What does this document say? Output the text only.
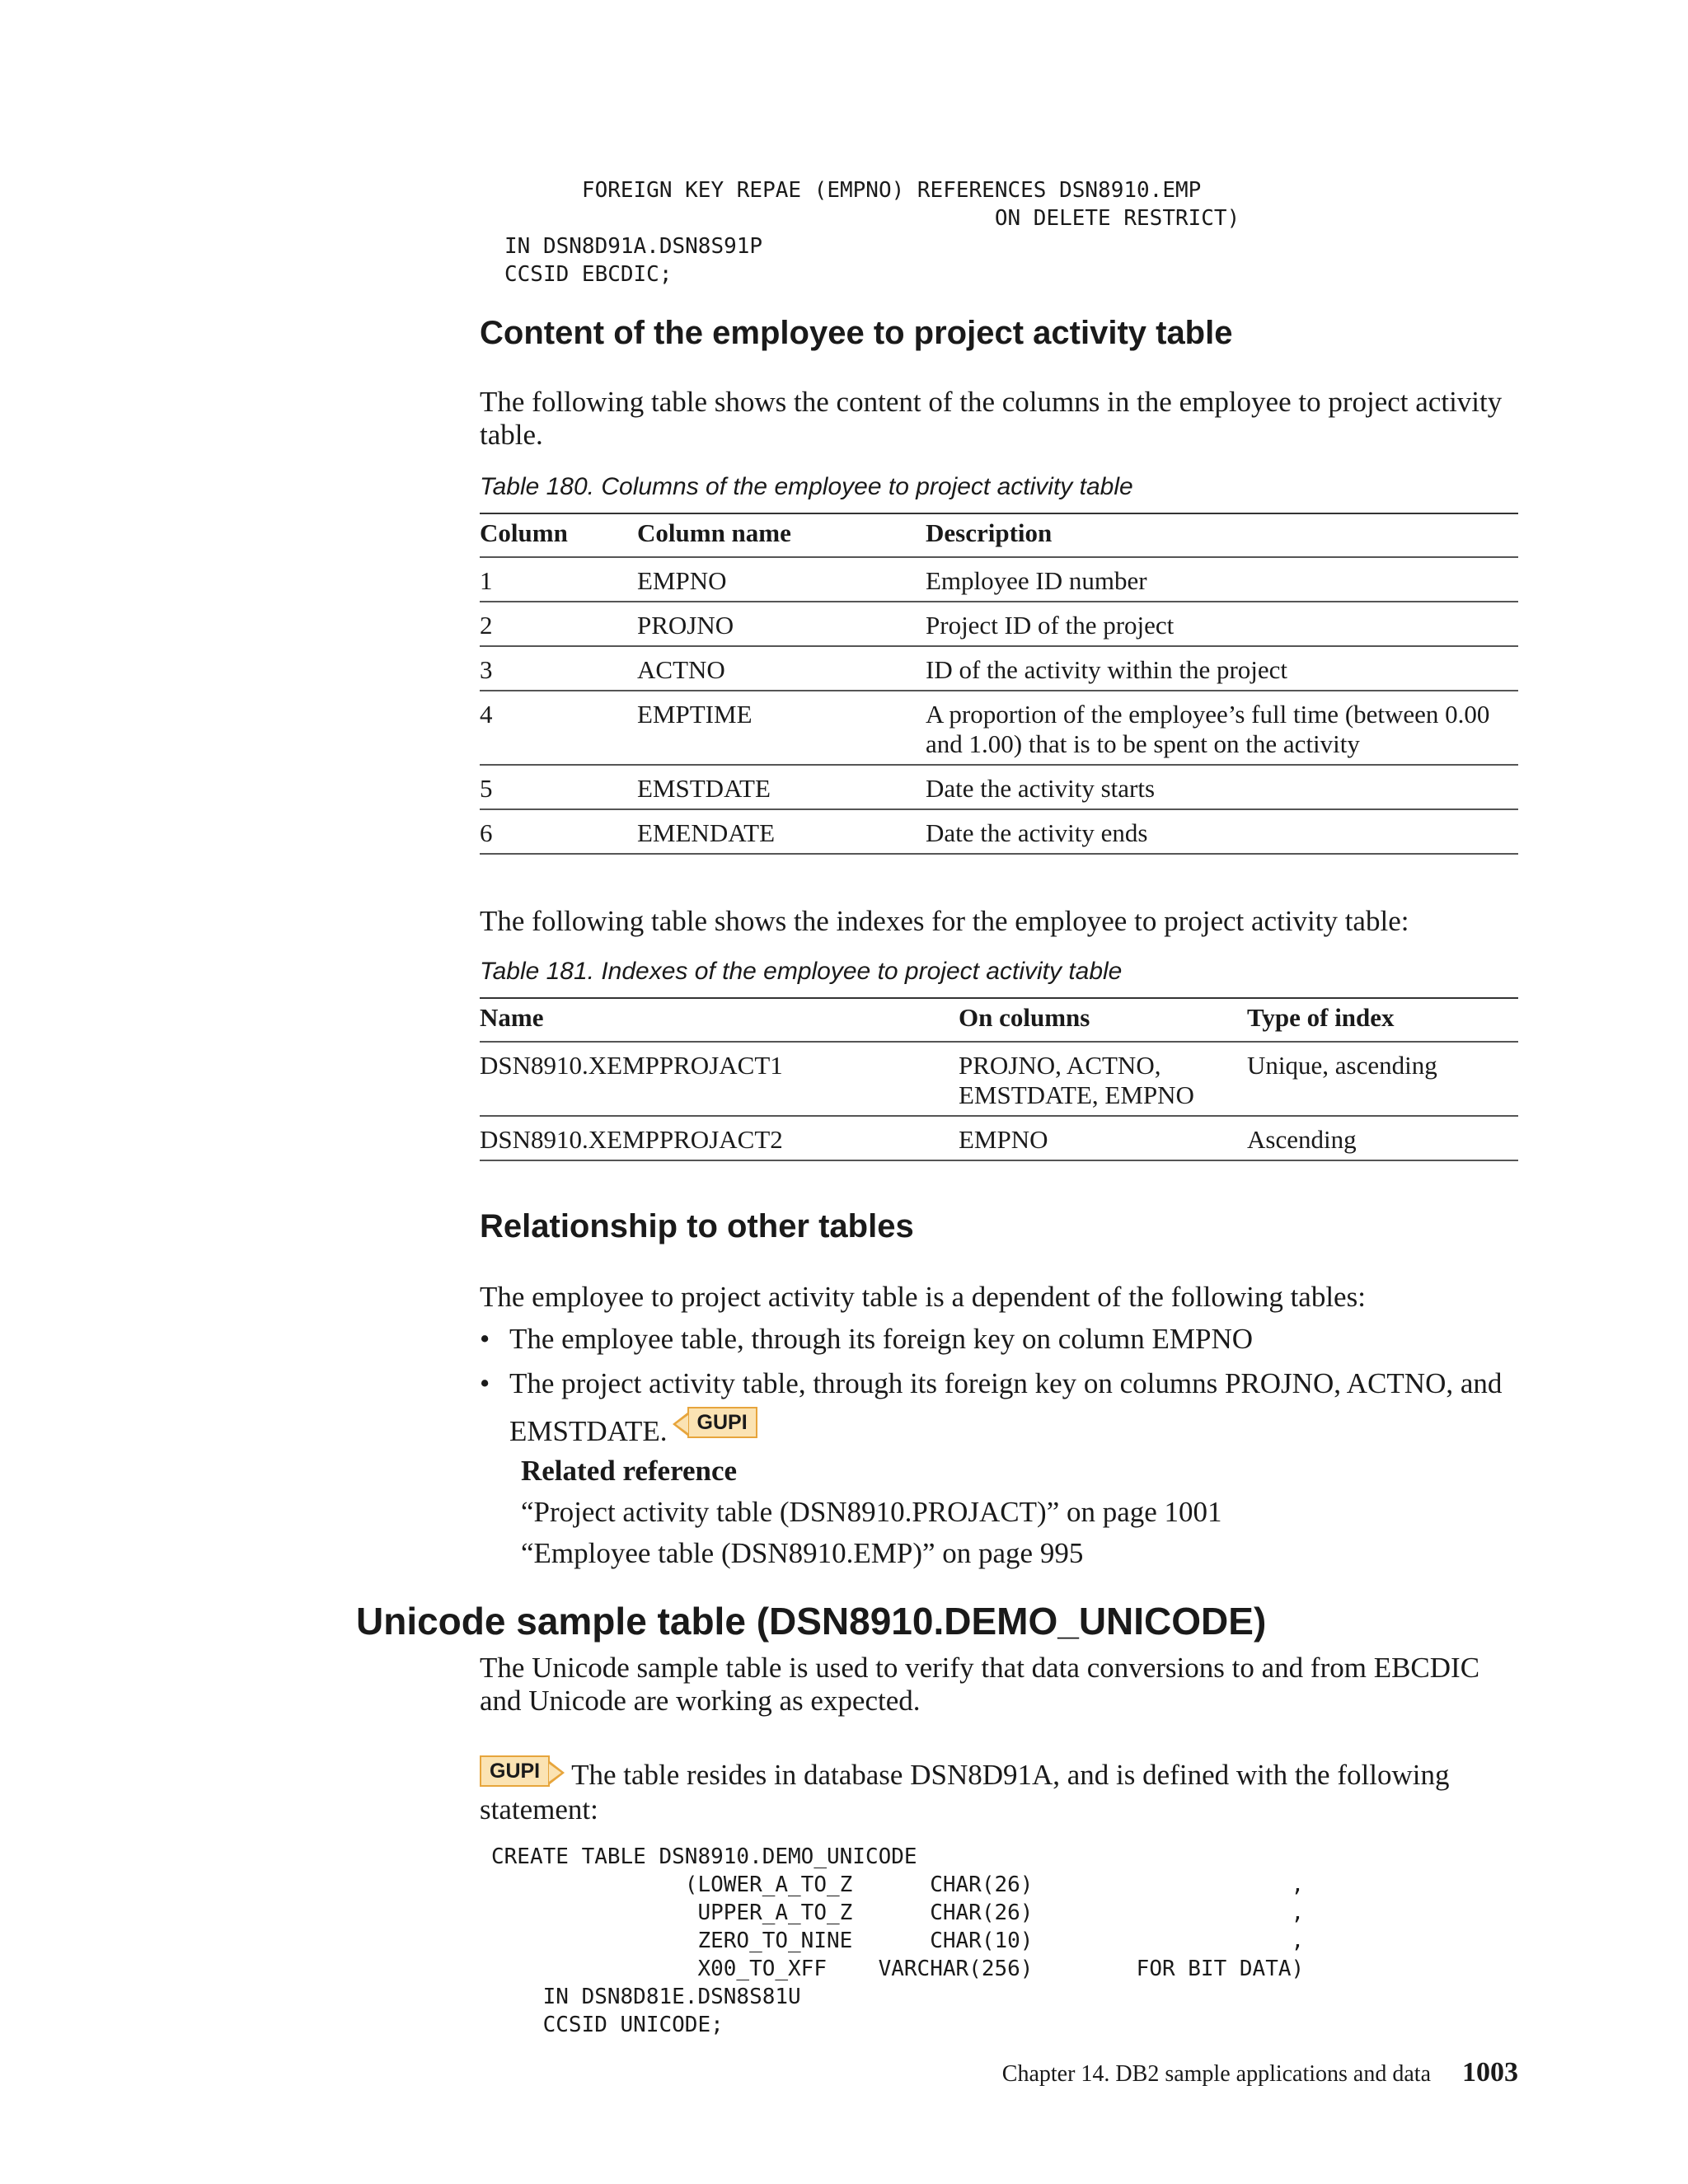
FOREIGN KEY REPAE (EMPNO) REFERENCES DSN8910.EMP
ON DELETE RESTRICT)
IN DSN8D91A.DSN8S91P
CCSID EBCDIC;
Content of the employee to project activity table

The following table shows the content of the columns in the employee to project activity table.

Table 180. Columns of the employee to project activity table

Column	Column name	Description
1	EMPNO	Employee ID number
2	PROJNO	Project ID of the project
3	ACTNO	ID of the activity within the project
4	EMPTIME	A proportion of the employee’s full time (between 0.00 and 1.00) that is to be spent on the activity
5	EMSTDATE	Date the activity starts
6	EMENDATE	Date the activity ends

The following table shows the indexes for the employee to project activity table:

Table 181. Indexes of the employee to project activity table

Name	On columns	Type of index
DSN8910.XEMPPROJACT1	PROJNO, ACTNO, EMSTDATE, EMPNO	Unique, ascending
DSN8910.XEMPPROJACT2	EMPNO	Ascending
Relationship to other tables

The employee to project activity table is a dependent of the following tables:

• The employee table, through its foreign key on column EMPNO
• The project activity table, through its foreign key on columns PROJNO, ACTNO, and EMSTDATE. GUPI

Related reference

“Project activity table (DSN8910.PROJACT)” on page 1001

“Employee table (DSN8910.EMP)” on page 995

Unicode sample table (DSN8910.DEMO_UNICODE)

The Unicode sample table is used to verify that data conversions to and from EBCDIC and Unicode are working as expected.

GUPI The table resides in database DSN8D91A, and is defined with the following statement:

CREATE TABLE DSN8910.DEMO_UNICODE
(LOWER_A_TO_Z      CHAR(26)                    ,
UPPER_A_TO_Z      CHAR(26)                    ,
ZERO_TO_NINE      CHAR(10)                    ,
X00_TO_XFF    VARCHAR(256)        FOR BIT DATA)
IN DSN8D81E.DSN8S81U
CCSID UNICODE;
Chapter 14. DB2 sample applications and data 1003
